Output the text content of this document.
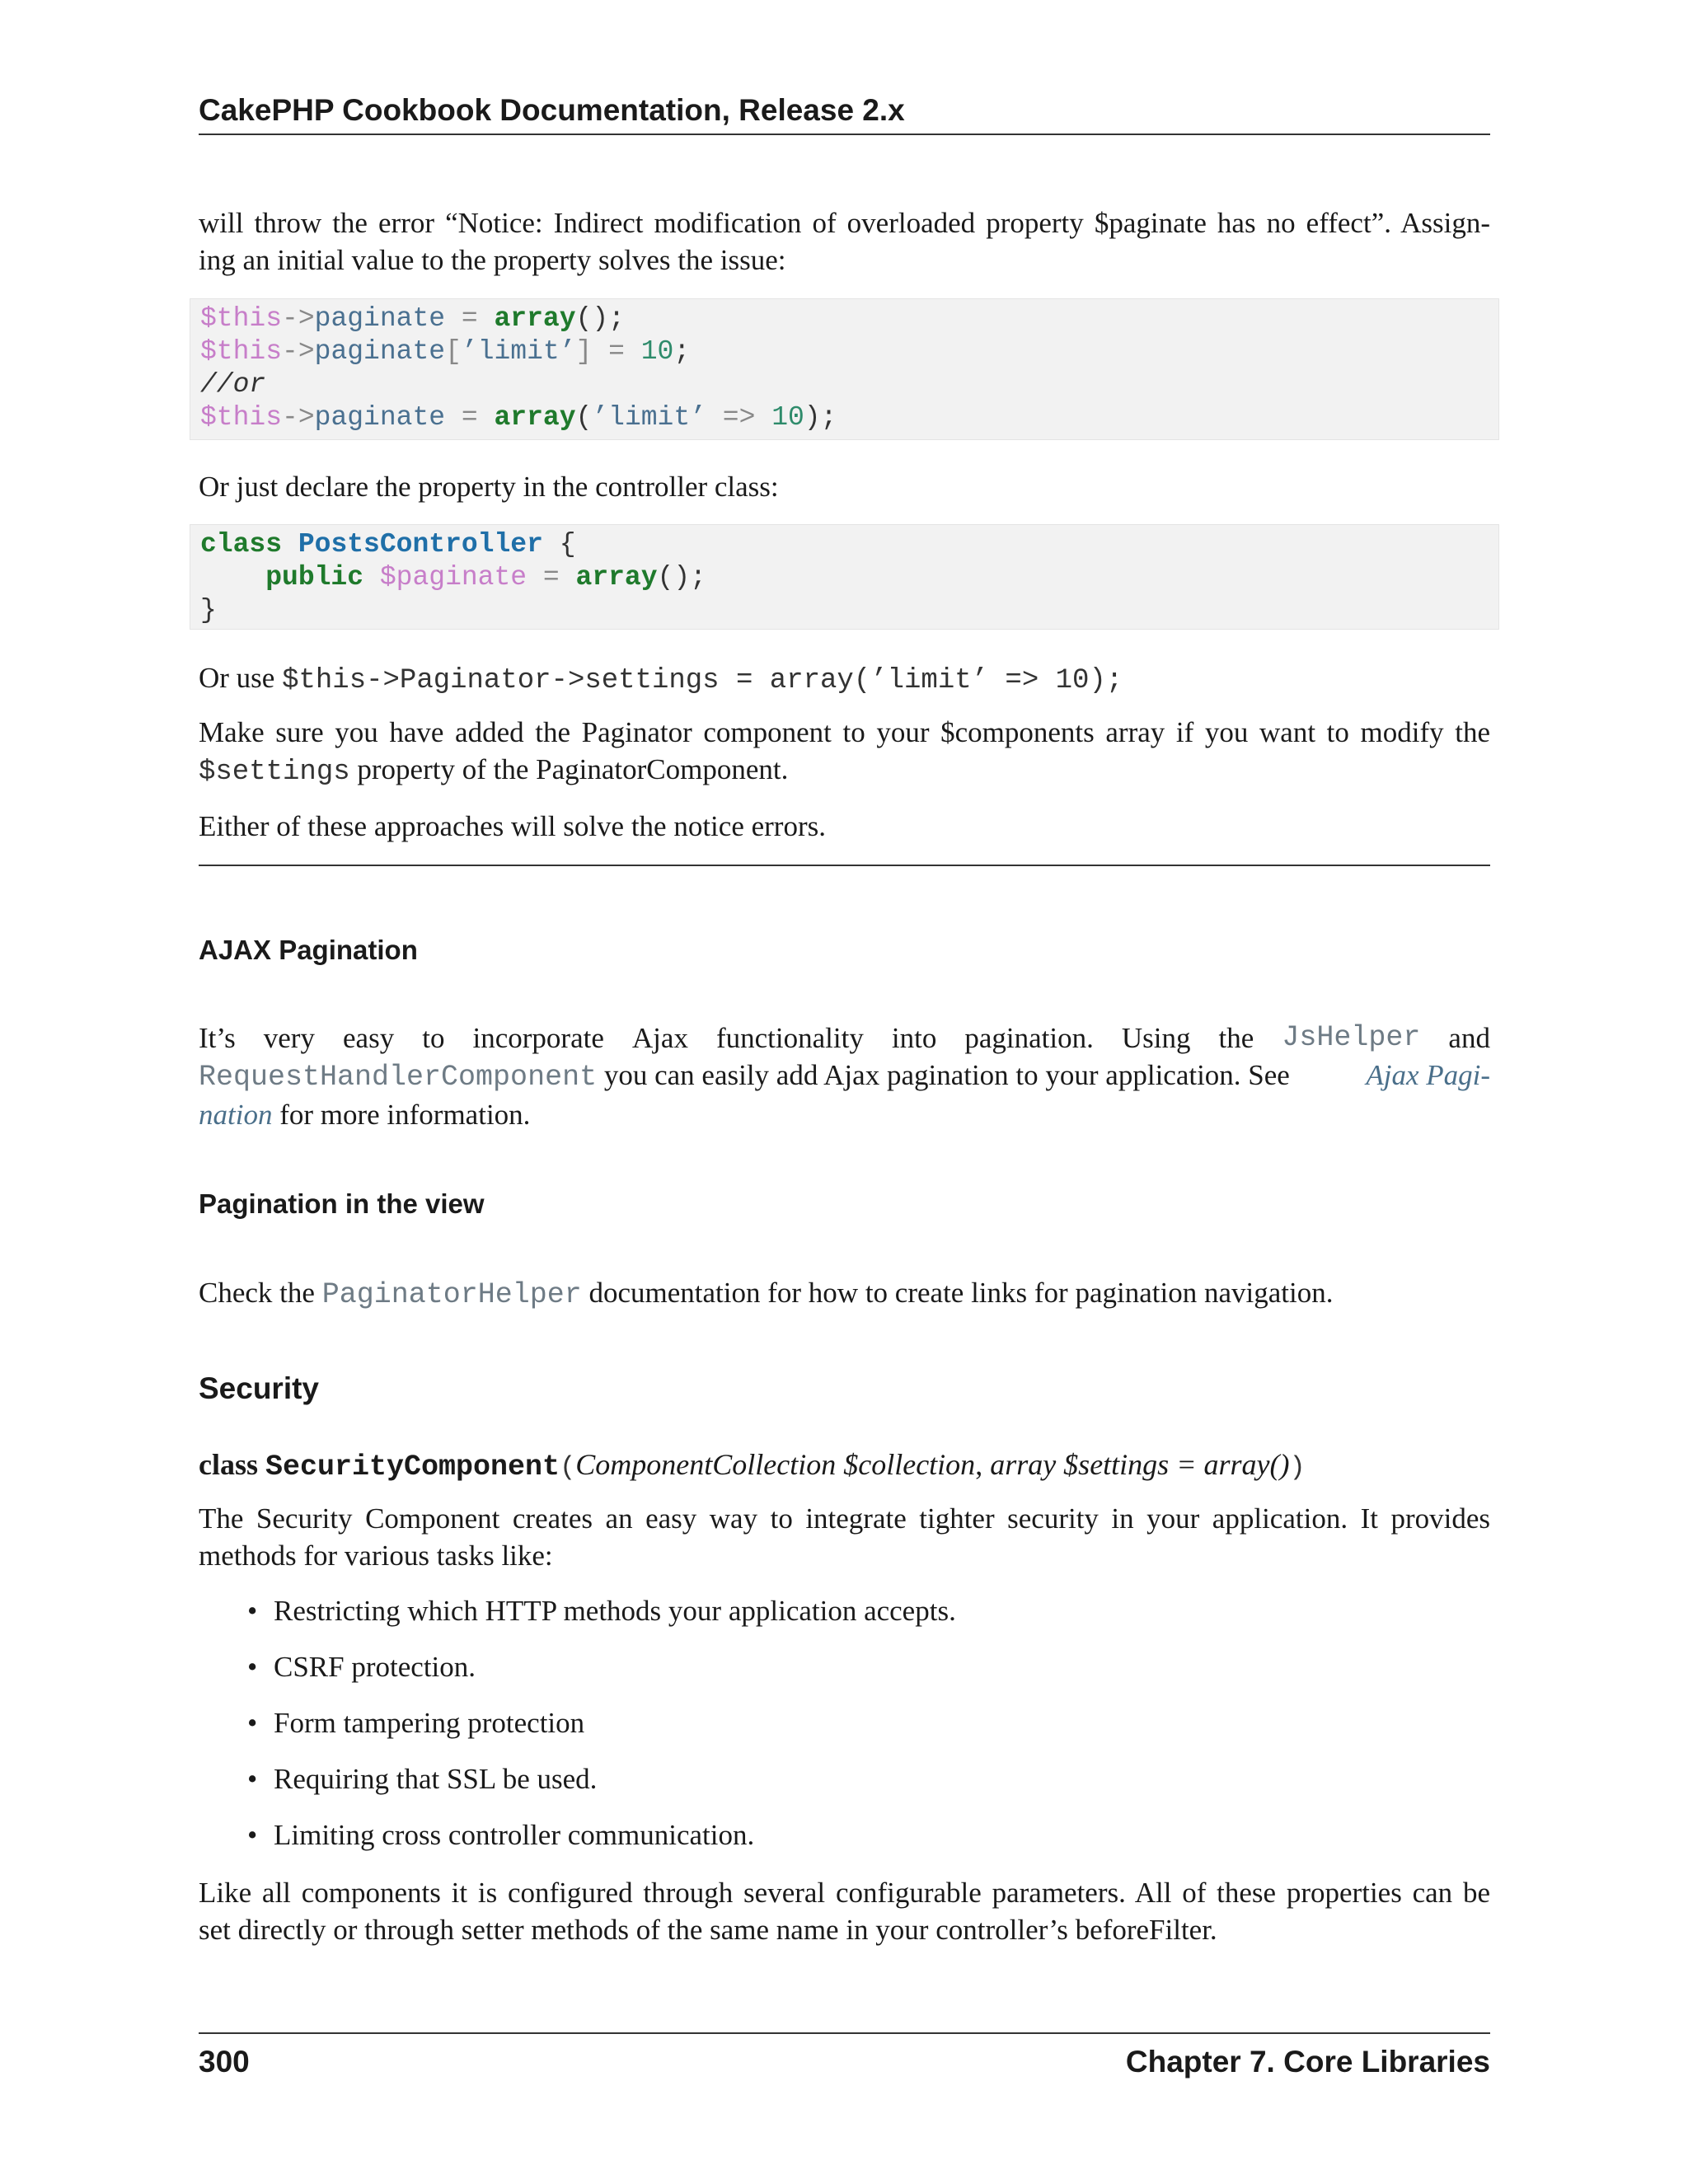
CakePHP Cookbook Documentation, Release 2.x
will throw the error “Notice: Indirect modification of overloaded property $paginate has no effect”. Assign-
ing an initial value to the property solves the issue:
$this->paginate = array();
$this->paginate[’limit’] = 10;
//or
$this->paginate = array(’limit’ => 10);
Or just declare the property in the controller class:
class PostsController {
public $paginate = array();
}
Or use $this->Paginator->settings = array(’limit’ => 10);
Make sure you have added the Paginator component to your $components array if you want to modify the
$settings property of the PaginatorComponent.
Either of these approaches will solve the notice errors.
AJAX Pagination
It’s very easy to incorporate Ajax functionality into pagination. Using the JsHelper and
RequestHandlerComponent you can easily add Ajax pagination to your application. See Ajax Pagi-
nation for more information.
Pagination in the view
Check the PaginatorHelper documentation for how to create links for pagination navigation.
Security
class SecurityComponent(ComponentCollection $collection, array $settings = array())
The Security Component creates an easy way to integrate tighter security in your application. It provides
methods for various tasks like:
• Restricting which HTTP methods your application accepts.
• CSRF protection.
• Form tampering protection
• Requiring that SSL be used.
• Limiting cross controller communication.
Like all components it is configured through several configurable parameters. All of these properties can be
set directly or through setter methods of the same name in your controller’s beforeFilter.
300	Chapter 7. Core Libraries
